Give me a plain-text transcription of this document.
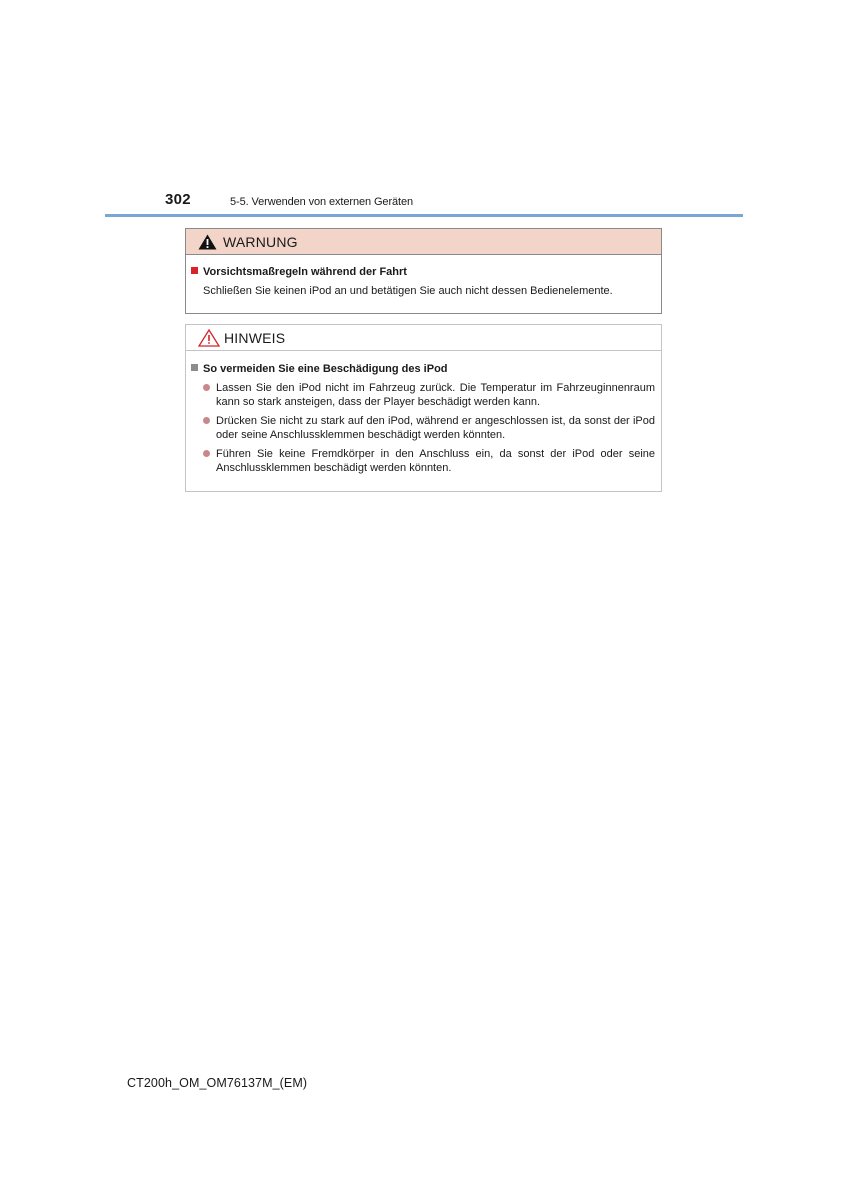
302	5-5. Verwenden von externen Geräten
WARNUNG
Vorsichtsmaßregeln während der Fahrt
Schließen Sie keinen iPod an und betätigen Sie auch nicht dessen Bedienelemente.
HINWEIS
So vermeiden Sie eine Beschädigung des iPod
Lassen Sie den iPod nicht im Fahrzeug zurück. Die Temperatur im Fahrzeuginnenraum kann so stark ansteigen, dass der Player beschädigt werden kann.
Drücken Sie nicht zu stark auf den iPod, während er angeschlossen ist, da sonst der iPod oder seine Anschlussklemmen beschädigt werden könnten.
Führen Sie keine Fremdkörper in den Anschluss ein, da sonst der iPod oder seine Anschlussklemmen beschädigt werden könnten.
CT200h_OM_OM76137M_(EM)
